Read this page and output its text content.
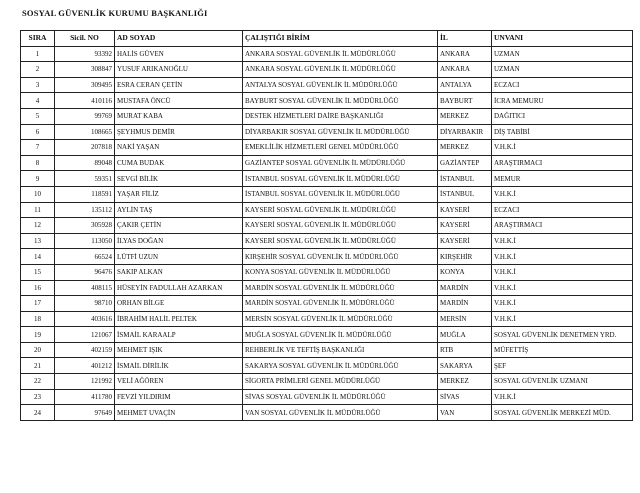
SOSYAL GÜVENLİK KURUMU BAŞKANLIĞI
SIRA	Sicil. NO	AD SOYAD	ÇALIŞTIĞI BİRİM	İL	UNVANI
1	93392	HALİS GÜVEN	ANKARA SOSYAL GÜVENLİK İL MÜDÜRLÜĞÜ	ANKARA	UZMAN
2	308847	YUSUF ARIKANOĞLU	ANKARA SOSYAL GÜVENLİK İL MÜDÜRLÜĞÜ	ANKARA	UZMAN
3	309495	ESRA CERAN ÇETİN	ANTALYA SOSYAL GÜVENLİK İL MÜDÜRLÜĞÜ	ANTALYA	ECZACI
4	410116	MUSTAFA ÖNCÜ	BAYBURT SOSYAL GÜVENLİK İL MÜDÜRLÜĞÜ	BAYBURT	İCRA MEMURU
5	99769	MURAT KABA	DESTEK HİZMETLERİ DAİRE BAŞKANLIĞI	MERKEZ	DAĞITICI
6	108665	ŞEYHMUS DEMİR	DİYARBAKIR SOSYAL GÜVENLİK İL MÜDÜRLÜĞÜ	DİYARBAKIR	DİŞ TABİBİ
7	207818	NAKİ YAŞAN	EMEKLİLİK HİZMETLERİ GENEL MÜDÜRLÜĞÜ	MERKEZ	V.H.K.İ
8	89048	CUMA BUDAK	GAZİANTEP SOSYAL GÜVENLİK İL MÜDÜRLÜĞÜ	GAZİANTEP	ARAŞTIRMACI
9	59351	SEVGİ BİLİK	İSTANBUL SOSYAL GÜVENLİK İL MÜDÜRLÜĞÜ	İSTANBUL	MEMUR
10	118591	YAŞAR FİLİZ	İSTANBUL SOSYAL GÜVENLİK İL MÜDÜRLÜĞÜ	İSTANBUL	V.H.K.İ
11	135112	AYLİN TAŞ	KAYSERİ SOSYAL GÜVENLİK İL MÜDÜRLÜĞÜ	KAYSERİ	ECZACI
12	305928	ÇAKIR ÇETİN	KAYSERİ SOSYAL GÜVENLİK İL MÜDÜRLÜĞÜ	KAYSERİ	ARAŞTIRMACI
13	113050	İLYAS DOĞAN	KAYSERİ SOSYAL GÜVENLİK İL MÜDÜRLÜĞÜ	KAYSERİ	V.H.K.İ
14	66524	LÜTFİ UZUN	KIRŞEHİR SOSYAL GÜVENLİK İL MÜDÜRLÜĞÜ	KIRŞEHİR	V.H.K.İ
15	96476	SAKIP ALKAN	KONYA SOSYAL GÜVENLİK İL MÜDÜRLÜĞÜ	KONYA	V.H.K.İ
16	408115	HÜSEYİN FADULLAH AZARKAN	MARDİN SOSYAL GÜVENLİK İL MÜDÜRLÜĞÜ	MARDİN	V.H.K.İ
17	98710	ORHAN BİLGE	MARDİN SOSYAL GÜVENLİK İL MÜDÜRLÜĞÜ	MARDİN	V.H.K.İ
18	403616	İBRAHİM HALİL PELTEK	MERSİN SOSYAL GÜVENLİK İL MÜDÜRLÜĞÜ	MERSİN	V.H.K.İ
19	121067	İSMAİL KARAALP	MUĞLA SOSYAL GÜVENLİK İL MÜDÜRLÜĞÜ	MUĞLA	SOSYAL GÜVENLİK DENETMEN YRD.
20	402159	MEHMET IŞIK	REHBERLİK VE TEFTİŞ BAŞKANLIĞI	RTB	MÜFETTİŞ
21	401212	İSMAİL DİRİLİK	SAKARYA SOSYAL GÜVENLİK İL MÜDÜRLÜĞÜ	SAKARYA	ŞEF
22	121992	VELİ AĞÖREN	SİGORTA PRİMLERİ GENEL MÜDÜRLÜĞÜ	MERKEZ	SOSYAL GÜVENLİK UZMANI
23	411780	FEVZİ YILDIRIM	SİVAS SOSYAL GÜVENLİK İL MÜDÜRLÜĞÜ	SİVAS	V.H.K.İ
24	97649	MEHMET UVAÇİN	VAN SOSYAL GÜVENLİK İL MÜDÜRLÜĞÜ	VAN	SOSYAL GÜVENLİK MERKEZİ MÜD.
